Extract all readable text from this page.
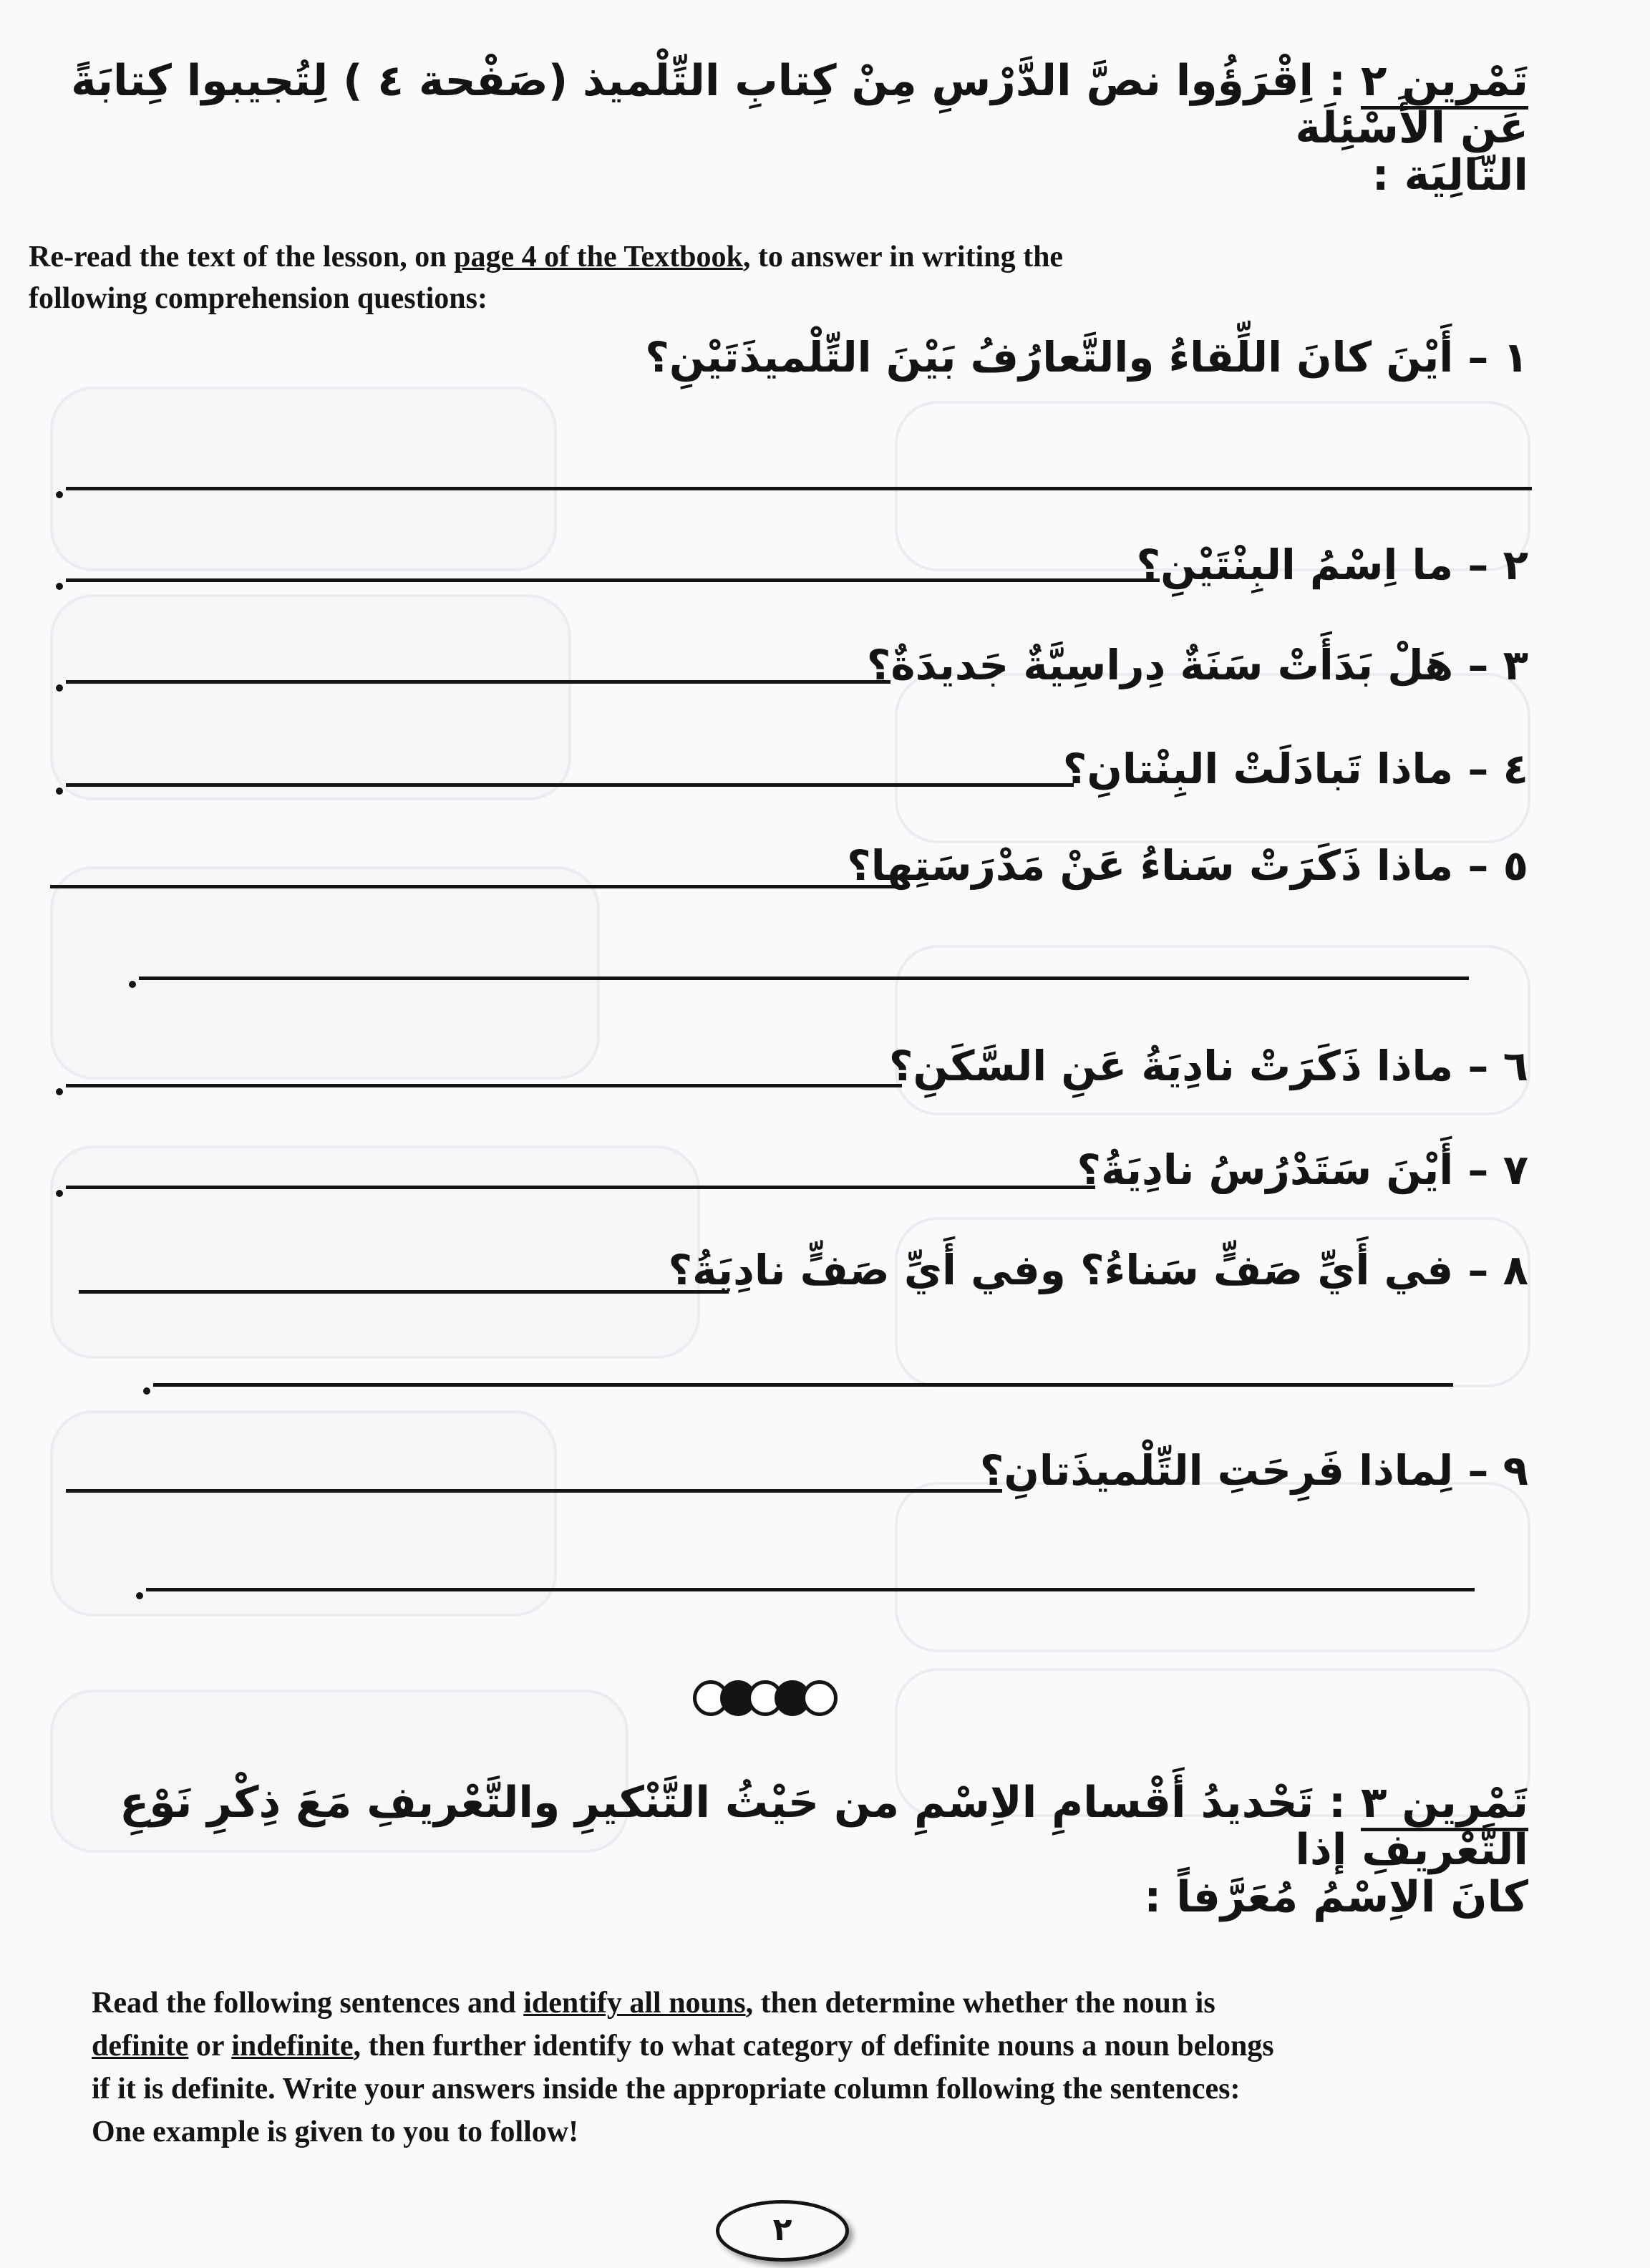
تَمْرين ٢ : اِقْرَؤُوا نصَّ الدَّرْسِ مِنْ كِتابِ التِّلْميذ (صَفْحة ٤ ) لِتُجيبوا كِتابَةً عَنِ الأَسْئِلَة
التّالِيَة :
Re-read the text of the lesson, on page 4 of the Textbook, to answer in writing the
following comprehension questions:
١ – أَيْنَ كانَ اللِّقاءُ والتَّعارُفُ بَيْنَ التِّلْميذَتَيْنِ؟
٢ – ما اِسْمُ البِنْتَيْنِ؟
٣ – هَلْ بَدَأَتْ سَنَةٌ دِراسِيَّةٌ جَديدَةٌ؟
٤ – ماذا تَبادَلَتْ البِنْتانِ؟
٥ – ماذا ذَكَرَتْ سَناءُ عَنْ مَدْرَسَتِها؟
٦ – ماذا ذَكَرَتْ نادِيَةُ عَنِ السَّكَنِ؟
٧ – أَيْنَ سَتَدْرُسُ نادِيَةُ؟
٨ – في أَيِّ صَفٍّ سَناءُ؟ وفي أَيِّ صَفٍّ نادِيَةُ؟
٩ – لِماذا فَرِحَتِ التِّلْميذَتانِ؟
تَمْرين ٣ : تَحْديدُ أَقْسامِ الاِسْمِ من حَيْثُ التَّنْكيرِ والتَّعْريفِ مَعَ ذِكْرِ نَوْعِ التَّعْريفِ إذا
كانَ الاِسْمُ مُعَرَّفاً :
Read the following sentences and identify all nouns, then determine whether the noun is
definite or indefinite, then further identify to what category of definite nouns a noun belongs
if it is definite. Write your answers inside the appropriate column following the sentences:
One example is given to you to follow!
٢
